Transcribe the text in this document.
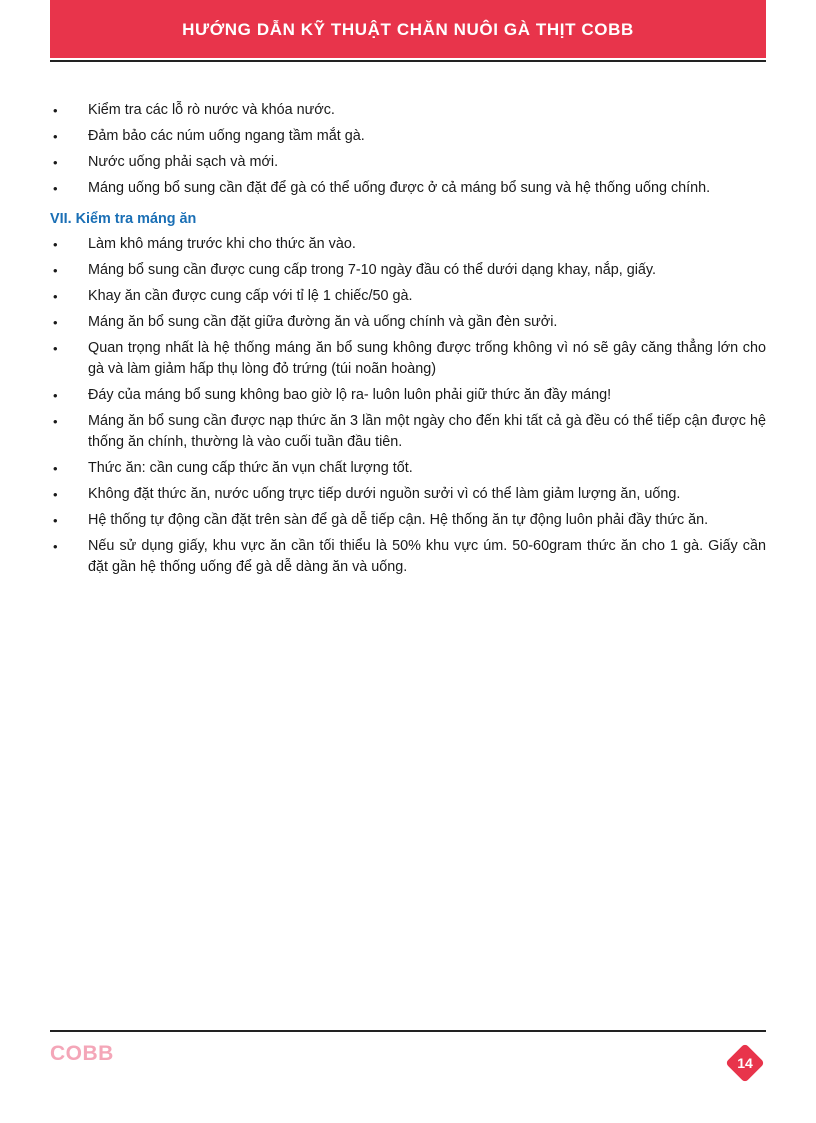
HƯỚNG DẪN KỸ THUẬT CHĂN NUÔI GÀ THỊT COBB
• Kiểm tra các lỗ rò nước và khóa nước.
• Đảm bảo các núm uống ngang tầm mắt gà.
• Nước uống phải sạch và mới.
• Máng uống bổ sung cần đặt để gà có thể uống được ở cả máng bổ sung và hệ thống uống chính.
VII. Kiểm tra máng ăn
• Làm khô máng trước khi cho thức ăn vào.
• Máng bổ sung cần được cung cấp trong 7-10 ngày đầu có thể dưới dạng khay, nắp, giấy.
• Khay ăn cần được cung cấp với tỉ lệ 1 chiếc/50 gà.
• Máng ăn bổ sung cần đặt giữa đường ăn và uống chính và gần đèn sưởi.
• Quan trọng nhất là hệ thống máng ăn bổ sung không được trống không vì nó sẽ gây căng thẳng lớn cho gà và làm giảm hấp thụ lòng đỏ trứng (túi noãn hoàng)
• Đáy của máng bổ sung không bao giờ lộ ra- luôn luôn phải giữ thức ăn đầy máng!
• Máng ăn bổ sung cần được nạp thức ăn 3 lần một ngày cho đến khi tất cả gà đều có thể tiếp cận được hệ thống ăn chính, thường là vào cuối tuần đầu tiên.
• Thức ăn: cần cung cấp thức ăn vụn chất lượng tốt.
• Không đặt thức ăn, nước uống trực tiếp dưới nguồn sưởi vì có thể làm giảm lượng ăn, uống.
• Hệ thống tự động cần đặt trên sàn để gà dễ tiếp cận. Hệ thống ăn tự động luôn phải đầy thức ăn.
• Nếu sử dụng giấy, khu vực ăn cần tối thiểu là 50% khu vực úm. 50-60gram thức ăn cho 1 gà. Giấy cần đặt gần hệ thống uống để gà dễ dàng ăn và uống.
COBB	14
